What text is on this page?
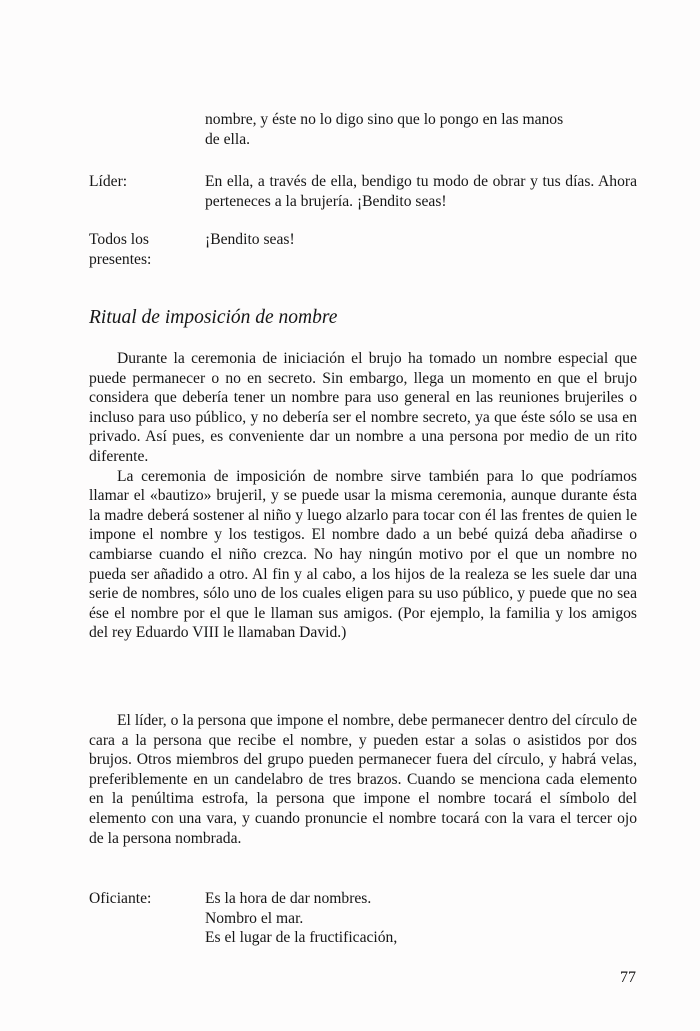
nombre, y éste no lo digo sino que lo pongo en las manos
de ella.
Líder:	En ella, a través de ella, bendigo tu modo de obrar y tus días. Ahora perteneces a la brujería. ¡Bendito seas!

Todos los
presentes:

¡Bendito seas!

Ritual de imposición de nombre

Durante la ceremonia de iniciación el brujo ha tomado un nombre especial que puede permanecer o no en secreto. Sin embargo, llega un momento en que el brujo considera que debería tener un nombre para uso general en las reuniones brujeriles o incluso para uso público, y no debería ser el nombre secreto, ya que éste sólo se usa en privado. Así pues, es conveniente dar un nombre a una persona por medio de un rito diferente.

La ceremonia de imposición de nombre sirve también para lo que podríamos llamar el «bautizo» brujeril, y se puede usar la misma ceremonia, aunque durante ésta la madre deberá sostener al niño y luego alzarlo para tocar con él las frentes de quien le impone el nombre y los testigos. El nombre dado a un bebé quizá deba añadirse o cambiarse cuando el niño crezca. No hay ningún motivo por el que un nombre no pueda ser añadido a otro. Al fin y al cabo, a los hijos de la realeza se les suele dar una serie de nombres, sólo uno de los cuales eligen para su uso público, y puede que no sea ése el nombre por el que le llaman sus amigos. (Por ejemplo, la familia y los amigos del rey Eduardo VIII le llamaban David.)

El líder, o la persona que impone el nombre, debe permanecer dentro del círculo de cara a la persona que recibe el nombre, y pueden estar a solas o asistidos por dos brujos. Otros miembros del grupo pueden permanecer fuera del círculo, y habrá velas, preferiblemente en un candelabro de tres brazos. Cuando se menciona cada elemento en la penúltima estrofa, la persona que impone el nombre tocará el símbolo del elemento con una vara, y cuando pronuncie el nombre tocará con la vara el tercer ojo de la persona nombrada.

Oficiante:	Es la hora de dar nombres.
Nombro el mar.
Es el lugar de la fructificación,
77
